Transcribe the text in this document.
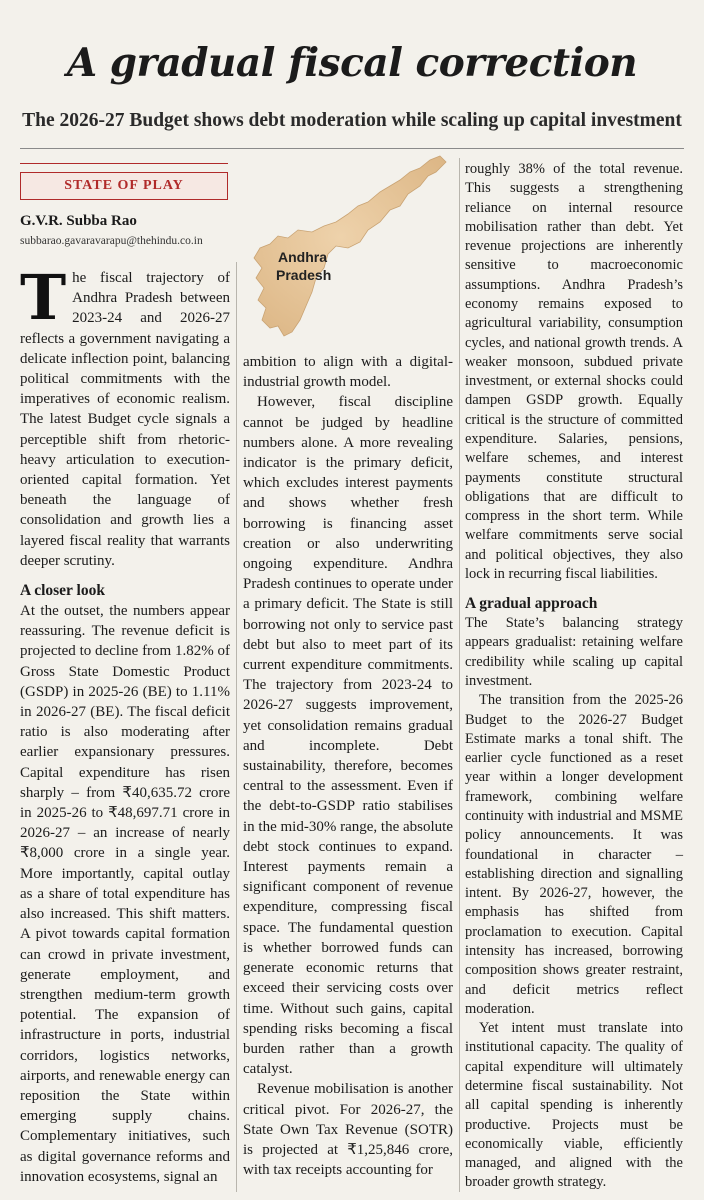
A gradual fiscal correction
The 2026-27 Budget shows debt moderation while scaling up capital investment
STATE OF PLAY
G.V.R. Subba Rao
subbarao.gavaravarapu@thehindu.co.in
Andhra
Pradesh

The fiscal trajectory of Andhra Pradesh between 2023-24 and 2026-27 reflects a government navigating a delicate inflection point, balancing political commitments with the imperatives of economic realism. The latest Budget cycle signals a perceptible shift from rhetoric-heavy articulation to execution-oriented capital formation. Yet beneath the language of consolidation and growth lies a layered fiscal reality that warrants deeper scrutiny.

A closer look

At the outset, the numbers appear reassuring. The revenue deficit is projected to decline from 1.82% of Gross State Domestic Product (GSDP) in 2025-26 (BE) to 1.11% in 2026-27 (BE). The fiscal deficit ratio is also moderating after earlier expansionary pressures. Capital expenditure has risen sharply – from ₹40,635.72 crore in 2025-26 to ₹48,697.71 crore in 2026-27 – an increase of nearly ₹8,000 crore in a single year. More importantly, capital outlay as a share of total expenditure has also increased. This shift matters. A pivot towards capital formation can crowd in private investment, generate employment, and strengthen medium-term growth potential. The expansion of infrastructure in ports, industrial corridors, logistics networks, airports, and renewable energy can reposition the State within emerging supply chains. Complementary initiatives, such as digital governance reforms and innovation ecosystems, signal an

ambition to align with a digital-industrial growth model.

However, fiscal discipline cannot be judged by headline numbers alone. A more revealing indicator is the primary deficit, which excludes interest payments and shows whether fresh borrowing is financing asset creation or also underwriting ongoing expenditure. Andhra Pradesh continues to operate under a primary deficit. The State is still borrowing not only to service past debt but also to meet part of its current expenditure commitments. The trajectory from 2023-24 to 2026-27 suggests improvement, yet consolidation remains gradual and incomplete. Debt sustainability, therefore, becomes central to the assessment. Even if the debt-to-GSDP ratio stabilises in the mid-30% range, the absolute debt stock continues to expand. Interest payments remain a significant component of revenue expenditure, compressing fiscal space. The fundamental question is whether borrowed funds can generate economic returns that exceed their servicing costs over time. Without such gains, capital spending risks becoming a fiscal burden rather than a growth catalyst.

Revenue mobilisation is another critical pivot. For 2026-27, the State Own Tax Revenue (SOTR) is projected at ₹1,25,846 crore, with tax receipts accounting for

roughly 38% of the total revenue. This suggests a strengthening reliance on internal resource mobilisation rather than debt. Yet revenue projections are inherently sensitive to macroeconomic assumptions. Andhra Pradesh’s economy remains exposed to agricultural variability, consumption cycles, and national growth trends. A weaker monsoon, subdued private investment, or external shocks could dampen GSDP growth. Equally critical is the structure of committed expenditure. Salaries, pensions, welfare schemes, and interest payments constitute structural obligations that are difficult to compress in the short term. While welfare commitments serve social and political objectives, they also lock in recurring fiscal liabilities.

A gradual approach

The State’s balancing strategy appears gradualist: retaining welfare credibility while scaling up capital investment.

The transition from the 2025-26 Budget to the 2026-27 Budget Estimate marks a tonal shift. The earlier cycle functioned as a reset year within a longer development framework, combining welfare continuity with industrial and MSME policy announcements. It was foundational in character – establishing direction and signalling intent. By 2026-27, however, the emphasis has shifted from proclamation to execution. Capital intensity has increased, borrowing composition shows greater restraint, and deficit metrics reflect moderation.

Yet intent must translate into institutional capacity. The quality of capital expenditure will ultimately determine fiscal sustainability. Not all capital spending is inherently productive. Projects must be economically viable, efficiently managed, and aligned with the broader growth strategy.
